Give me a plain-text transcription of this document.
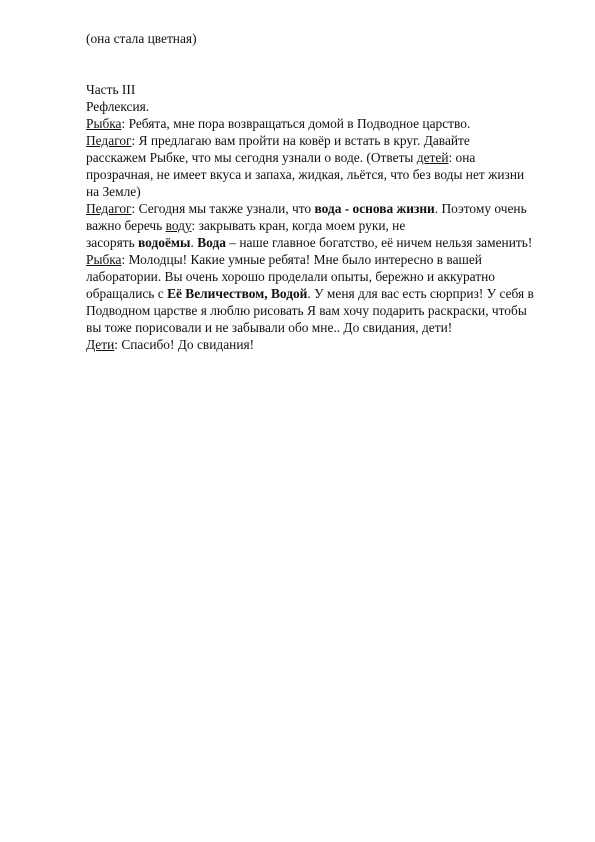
(она стала цветная)
Часть III
Рефлексия.
Рыбка: Ребята, мне пора возвращаться домой в Подводное царство.
Педагог: Я предлагаю вам пройти на ковёр и встать в круг. Давайте
расскажем Рыбке, что мы сегодня узнали о воде. (Ответы детей: она
прозрачная, не имеет вкуса и запаха, жидкая, льётся, что без воды нет жизни
на Земле)
Педагог: Сегодня мы также узнали, что вода - основа жизни. Поэтому очень
важно беречь воду: закрывать кран, когда моем руки, не
засорять водоёмы. Вода – наше главное богатство, её ничем нельзя заменить!
Рыбка: Молодцы! Какие умные ребята! Мне было интересно в вашей
лаборатории. Вы очень хорошо проделали опыты, бережно и аккуратно
обращались с Её Величеством, Водой. У меня для вас есть сюрприз! У себя в
Подводном царстве я люблю рисовать Я вам хочу подарить раскраски, чтобы
вы тоже порисовали и не забывали обо мне.. До свидания, дети!
Дети: Спасибо! До свидания!
